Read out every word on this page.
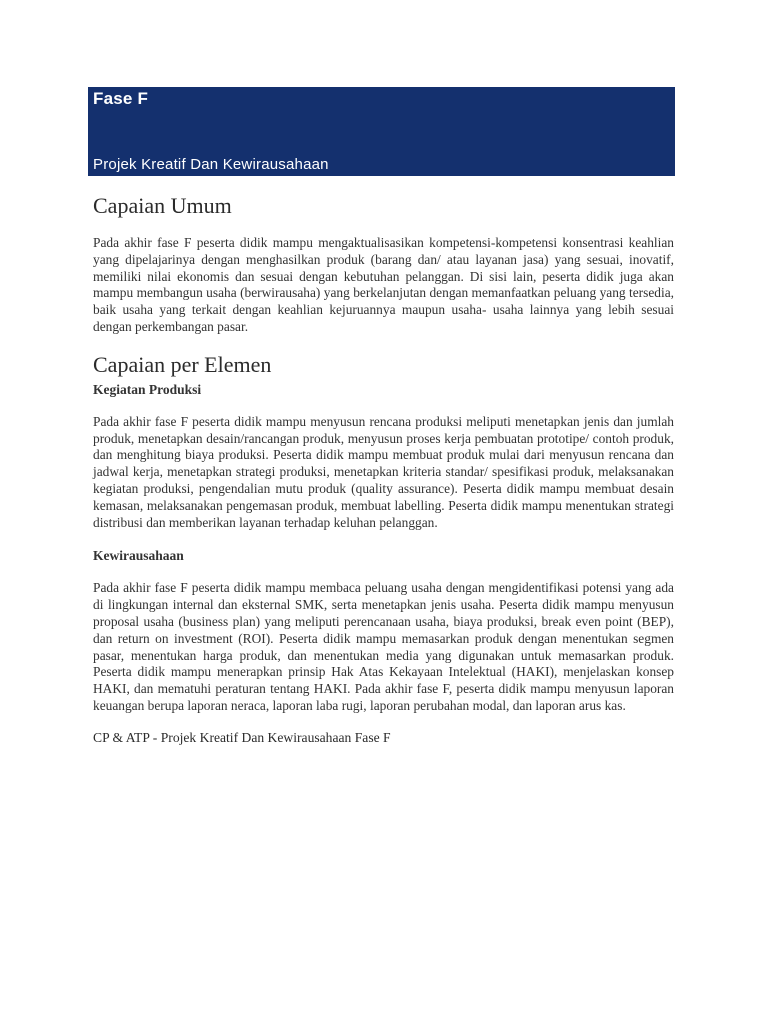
Fase F
Projek Kreatif Dan Kewirausahaan
Capaian Umum

Pada akhir fase F peserta didik mampu mengaktualisasikan kompetensi-kompetensi konsentrasi keahlian yang dipelajarinya dengan menghasilkan produk (barang dan/ atau layanan jasa) yang sesuai, inovatif, memiliki nilai ekonomis dan sesuai dengan kebutuhan pelanggan. Di sisi lain, peserta didik juga akan mampu membangun usaha (berwirausaha) yang berkelanjutan dengan memanfaatkan peluang yang tersedia, baik usaha yang terkait dengan keahlian kejuruannya maupun usaha- usaha lainnya yang lebih sesuai dengan perkembangan pasar.

Capaian per Elemen
Kegiatan Produksi

Pada akhir fase F peserta didik mampu menyusun rencana produksi meliputi menetapkan jenis dan jumlah produk, menetapkan desain/rancangan produk, menyusun proses kerja pembuatan prototipe/ contoh produk, dan menghitung biaya produksi. Peserta didik mampu membuat produk mulai dari menyusun rencana dan jadwal kerja, menetapkan strategi produksi, menetapkan kriteria standar/ spesifikasi produk, melaksanakan kegiatan produksi, pengendalian mutu produk (quality assurance). Peserta didik mampu membuat desain kemasan, melaksanakan pengemasan produk, membuat labelling. Peserta didik mampu menentukan strategi distribusi dan memberikan layanan terhadap keluhan pelanggan.

Kewirausahaan

Pada akhir fase F peserta didik mampu membaca peluang usaha dengan mengidentifikasi potensi yang ada di lingkungan internal dan eksternal SMK, serta menetapkan jenis usaha. Peserta didik mampu menyusun proposal usaha (business plan) yang meliputi perencanaan usaha, biaya produksi, break even point (BEP), dan return on investment (ROI). Peserta didik mampu memasarkan produk dengan menentukan segmen pasar, menentukan harga produk, dan menentukan media yang digunakan untuk memasarkan produk. Peserta didik mampu menerapkan prinsip Hak Atas Kekayaan Intelektual (HAKI), menjelaskan konsep HAKI, dan mematuhi peraturan tentang HAKI. Pada akhir fase F, peserta didik mampu menyusun laporan keuangan berupa laporan neraca, laporan laba rugi, laporan perubahan modal, dan laporan arus kas.

CP & ATP - Projek Kreatif Dan Kewirausahaan Fase F
